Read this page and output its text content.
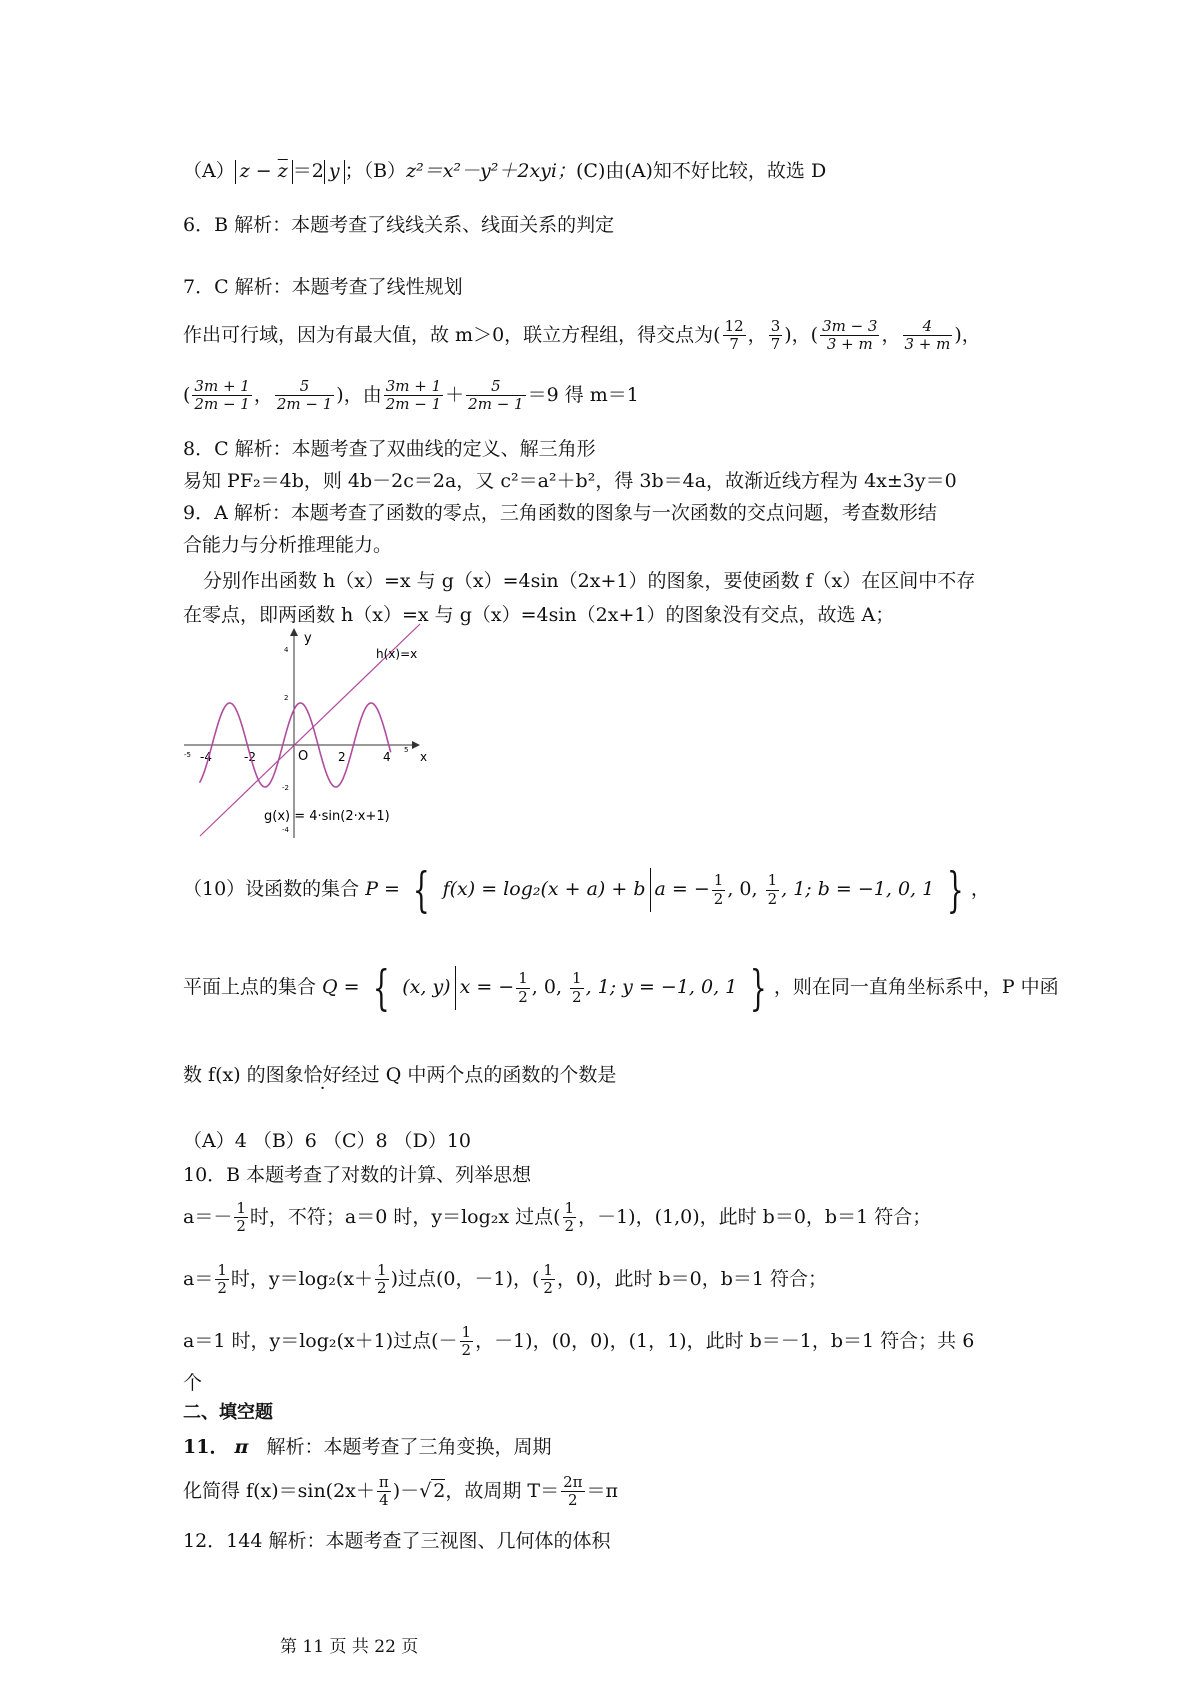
（A） $z - \overline{z} =2$ y ；（B）z²＝x²－y²＋2xyi；(C)由(A)知不好比较，故选 D
6．B 解析：本题考查了线线关系、线面关系的判定
7．C 解析：本题考查了线性规划
作出可行域，因为有最大值，故 m＞0，联立方程组，得交点为( $\frac{12}{7}$ ， $\frac{3}{7}$ )，( $\frac{3m - 3}{3 + m}$ ， $\frac{4}{3 + m}$ )，
( $\frac{3m + 1}{2m - 1}$ ， $\frac{5}{2m - 1}$ )，由 $\frac{3m + 1}{2m - 1} + \frac{5}{2m - 1} =9$ 得 m＝1
8．C 解析：本题考查了双曲线的定义、解三角形
易知 PF₂＝4b，则 4b－2c＝2a，又 c²＝a²＋b²，得 3b＝4a，故渐近线方程为 4x±3y＝0
9．A 解析：本题考查了函数的零点，三角函数的图象与一次函数的交点问题，考查数形结
合能力与分析推理能力。
分别作出函数 h（x）=x 与 g（x）=4sin（2x+1）的图象，要使函数 f（x）在区间中不存
在零点，即两函数 h（x）=x 与 g（x）=4sin（2x+1）的图象没有交点，故选 A；
y
x
O
-5 -4	-2	2	4 5
4
2
-2
-4
h(x)=x
g(x) = 4·sin(2·x+1)
（10）设函数的集合 P = { f(x) = log₂(x + a) + b a = − $\frac{1}{2}$ , 0, $\frac{1}{2}$ , 1; b = −1, 0, 1 } ，
平面上点的集合 Q = { (x, y) x = − $\frac{1}{2}$ , 0, $\frac{1}{2}$ , 1; y = −1, 0, 1 } ，则在同一直角坐标系中，P 中函
数 f(x) 的图象恰好经过 Q 中两个点的函数的个数是
（A）4 （B）6 （C）8 （D）10
10．B 本题考查了对数的计算、列举思想
$a=- \frac{1}{2}$ 时，不符；a＝0 时，y＝log₂x 过点( $\frac{1}{2}$ ，－1)，(1,0)，此时 b＝0，b＝1 符合；
$a= \frac{1}{2}$ 时，$y=\log_2(x+ \frac{1}{2}$ )过点(0，－1)，( $\frac{1}{2}$ ，0)，此时 b＝0，b＝1 符合；
a＝1 时，y＝log₂(x＋1)过点(－ $\frac{1}{2}$ ，－1)，(0，0)，(1，1)，此时 b＝－1，b＝1 符合；共 6
个
二、填空题
11． π 解析：本题考查了三角变换，周期
化简得 $f(x)=\sin(2x+ \frac{\pi}{4}$ )－√ 2，故周期 $T= \frac{2\pi}{2} =\pi$
12．144 解析：本题考查了三视图、几何体的体积
第 11 页 共 22 页
